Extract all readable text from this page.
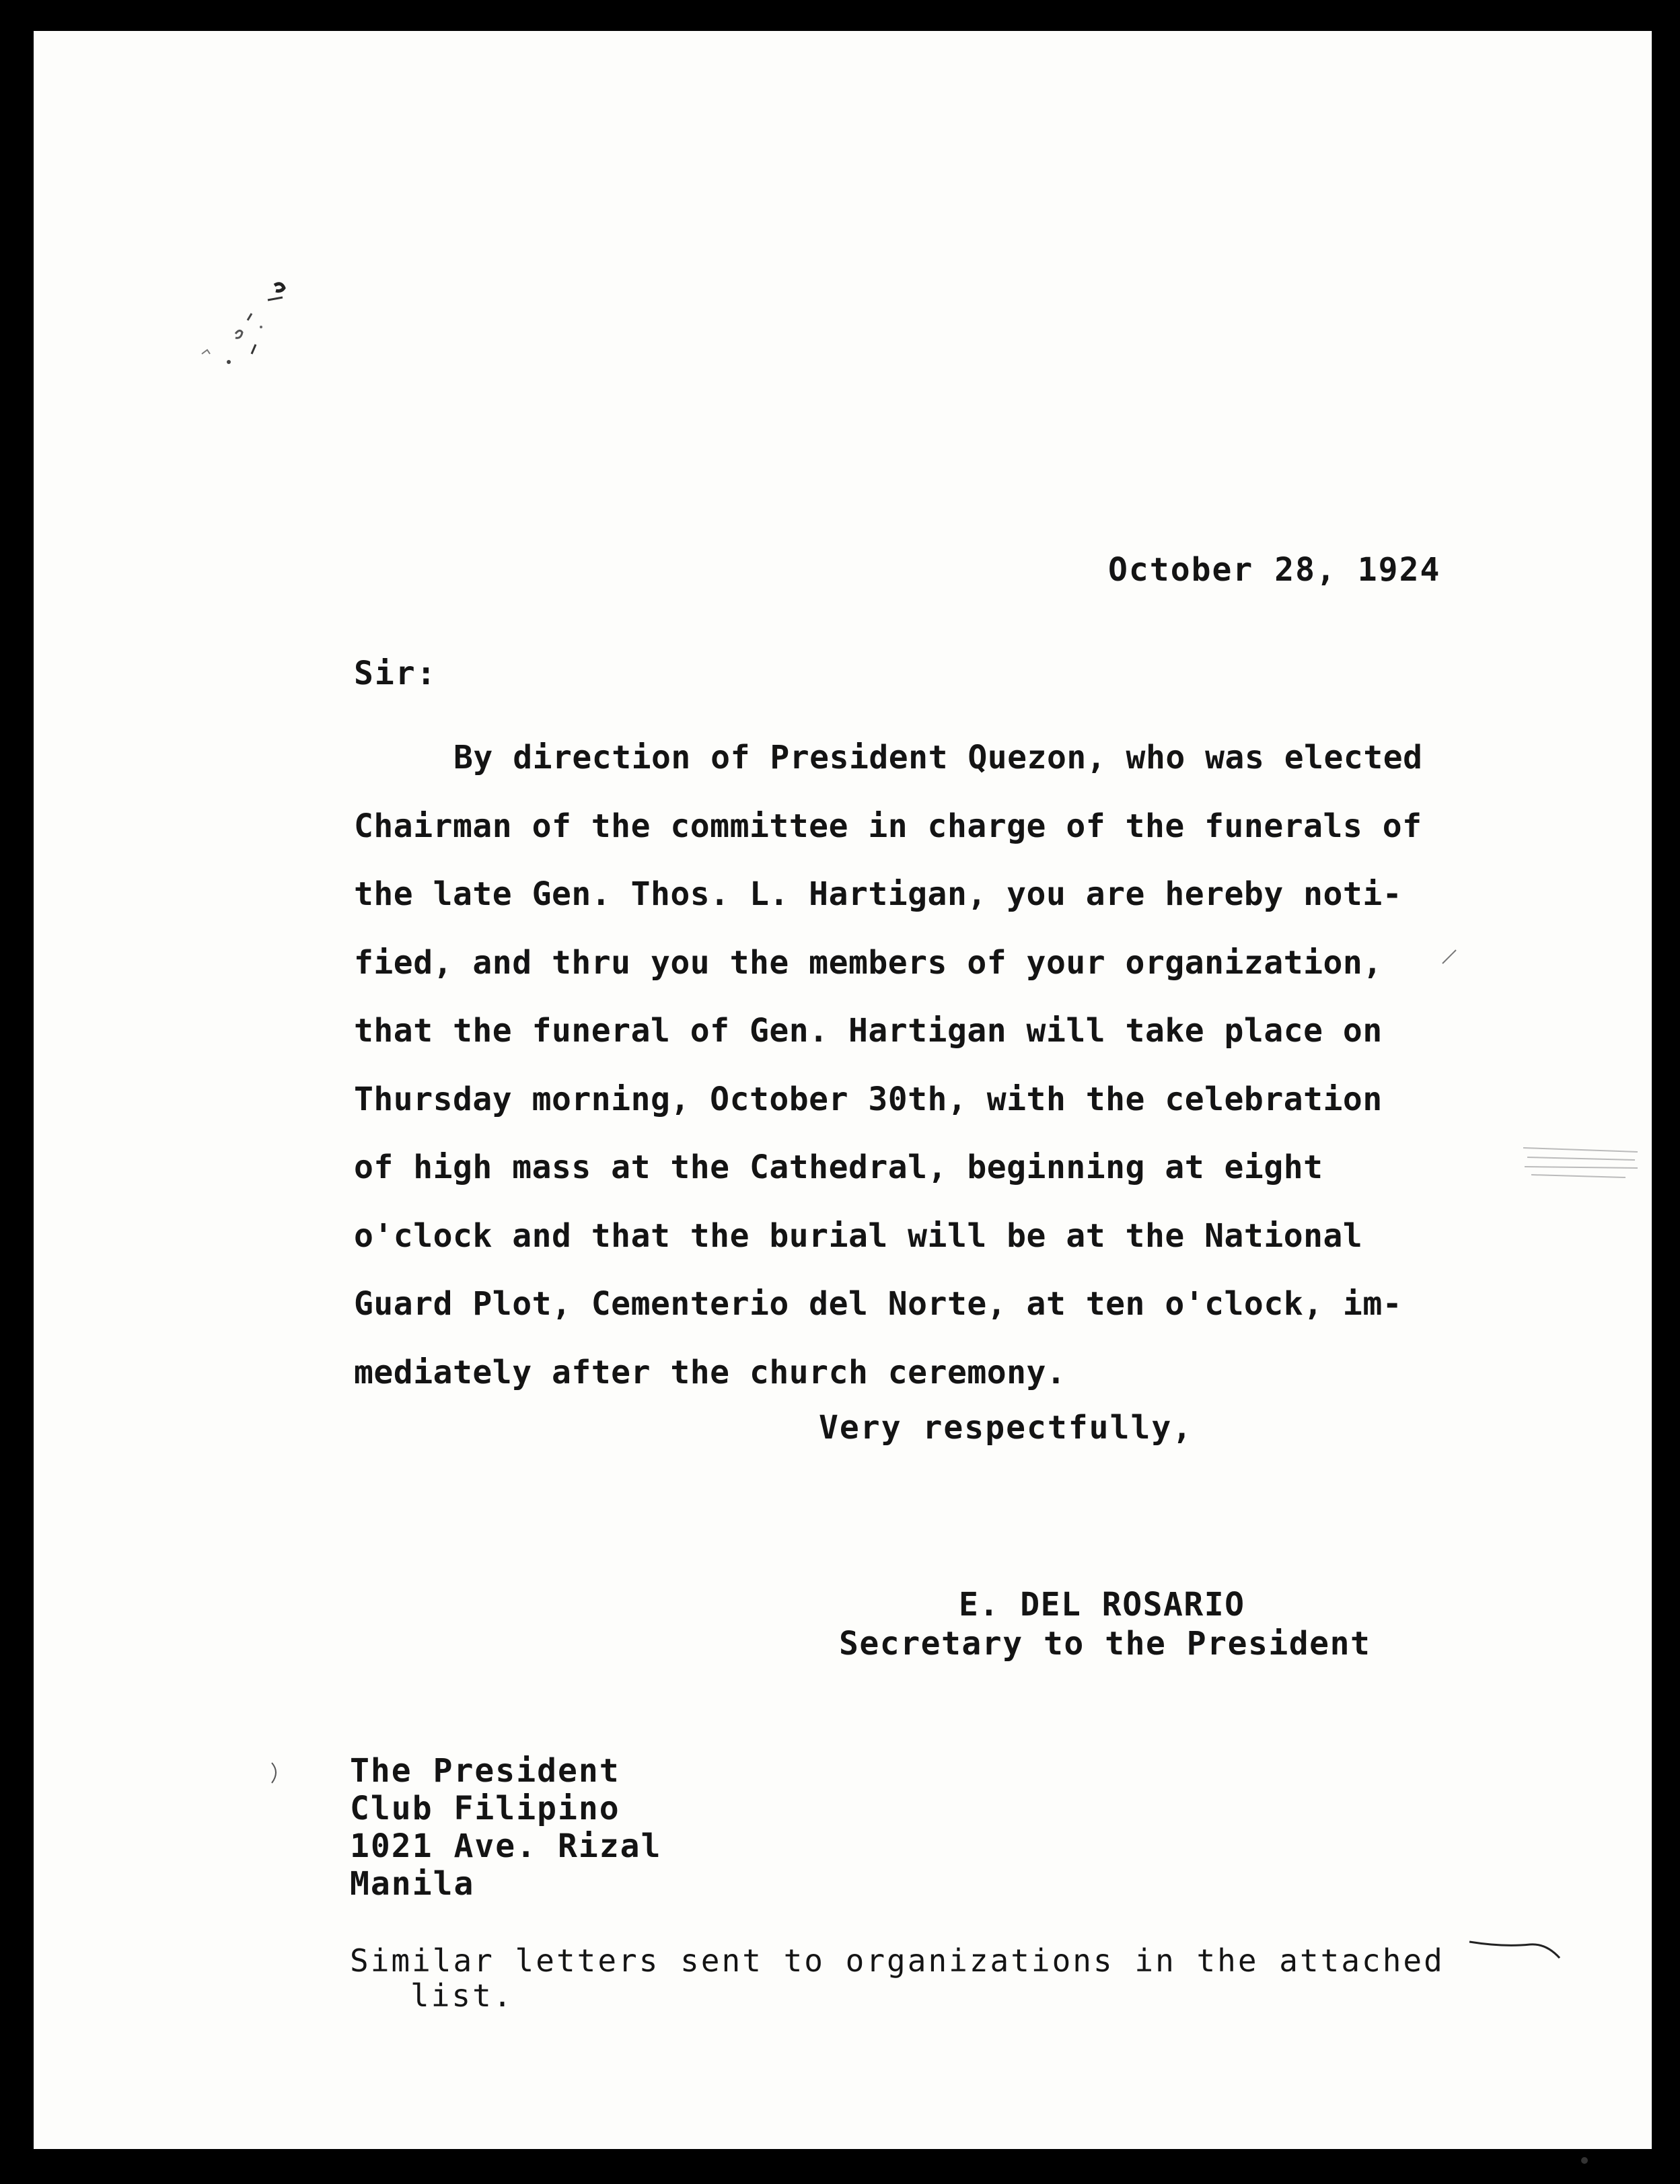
October 28, 1924
Sir:
By direction of President Quezon, who was elected
Chairman of the committee in charge of the funerals of
the late Gen. Thos. L. Hartigan, you are hereby noti-
fied, and thru you the members of your organization,
that the funeral of Gen. Hartigan will take place on
Thursday morning, October 30th, with the celebration
of high mass at the Cathedral, beginning at eight
o'clock and that the burial will be at the National
Guard Plot, Cementerio del Norte, at ten o'clock, im-
mediately after the church ceremony.
Very respectfully,
E. DEL ROSARIO
Secretary to the President
The President
Club Filipino
1021 Ave. Rizal
Manila
Similar letters sent to organizations in the attached
list.
